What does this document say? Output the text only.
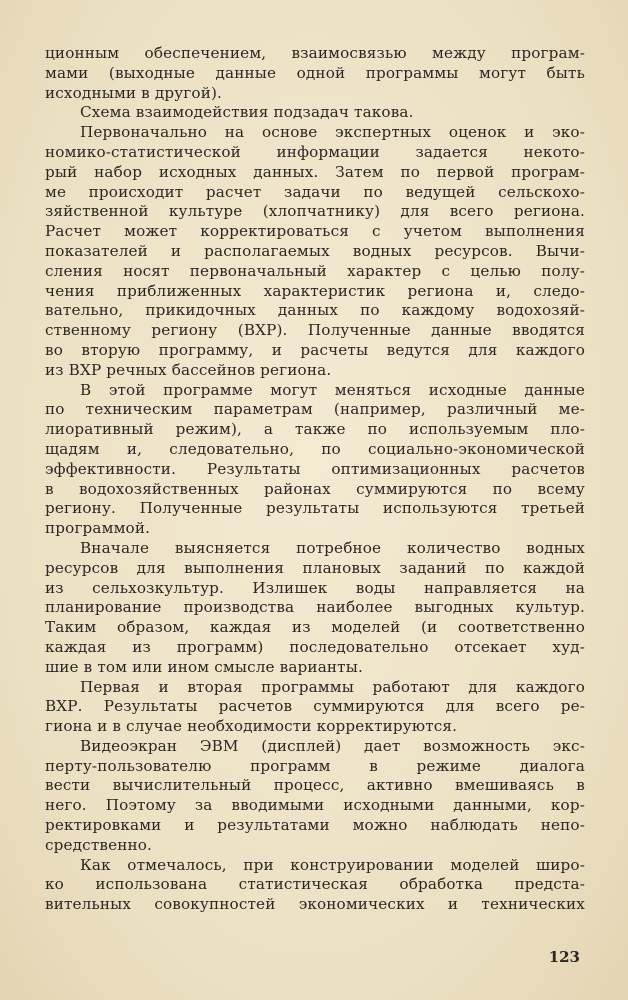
ционным обеспечением, взаимосвязью между програм-
мами (выходные данные одной программы могут быть
исходными в другой).
Схема взаимодействия подзадач такова.
Первоначально на основе экспертных оценок и эко-
номико-статистической информации задается некото-
рый набор исходных данных. Затем по первой програм-
ме происходит расчет задачи по ведущей сельскохо-
зяйственной культуре (хлопчатнику) для всего региона.
Расчет может корректироваться с учетом выполнения
показателей и располагаемых водных ресурсов. Вычи-
сления носят первоначальный характер с целью полу-
чения приближенных характеристик региона и, следо-
вательно, прикидочных данных по каждому водохозяй-
ственному региону (ВХР). Полученные данные вводятся
во вторую программу, и расчеты ведутся для каждого
из ВХР речных бассейнов региона.
В этой программе могут меняться исходные данные
по техническим параметрам (например, различный ме-
лиоративный режим), а также по используемым пло-
щадям и, следовательно, по социально-экономической
эффективности. Результаты оптимизационных расчетов
в водохозяйственных районах суммируются по всему
региону. Полученные результаты используются третьей
программой.
Вначале выясняется потребное количество водных
ресурсов для выполнения плановых заданий по каждой
из сельхозкультур. Излишек воды направляется на
планирование производства наиболее выгодных культур.
Таким образом, каждая из моделей (и соответственно
каждая из программ) последовательно отсекает худ-
шие в том или ином смысле варианты.
Первая и вторая программы работают для каждого
ВХР. Результаты расчетов суммируются для всего ре-
гиона и в случае необходимости корректируются.
Видеоэкран ЭВМ (дисплей) дает возможность экс-
перту-пользователю программ в режиме диалога
вести вычислительный процесс, активно вмешиваясь в
него. Поэтому за вводимыми исходными данными, кор-
ректировками и результатами можно наблюдать непо-
средственно.
Как отмечалось, при конструировании моделей широ-
ко использована статистическая обработка предста-
вительных совокупностей экономических и технических
123
